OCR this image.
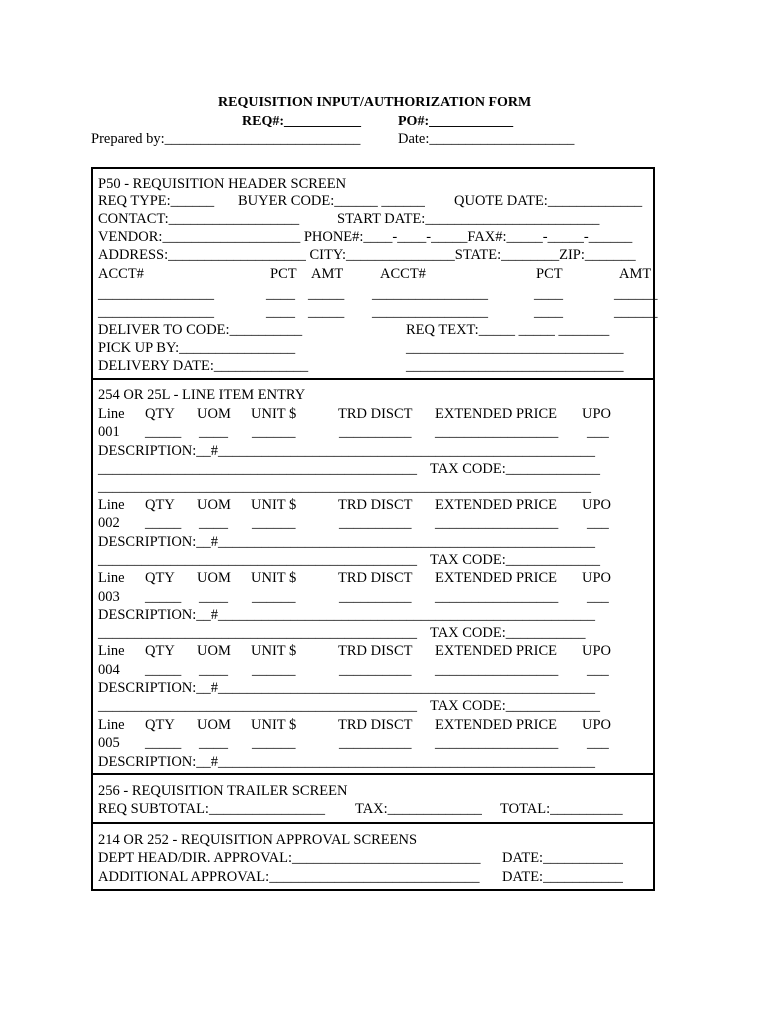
REQUISITION INPUT/AUTHORIZATION FORM
REQ#:___________	PO#:____________
Prepared by:___________________________	Date:____________________
P50 - REQUISITION HEADER SCREEN
REQ TYPE:______ BUYER CODE:______ ______ QUOTE DATE:_____________
CONTACT:__________________	START DATE:________________________
VENDOR:___________________ PHONE#:____-____-_____FAX#:_____-_____-______
ADDRESS:___________________ CITY:_______________STATE:________ZIP:_______
ACCT#	PCT AMT	ACCT#	PCT	AMT
________________	____ _____ ________________	____	______
________________	____ _____ ________________	____	______
DELIVER TO CODE:__________	REQ TEXT:_____ _____ _______
PICK UP BY:________________	______________________________
DELIVERY DATE:_____________	______________________________
254 OR 25L - LINE ITEM ENTRY
Line QTY UOM UNIT $	TRD DISCT EXTENDED PRICE UPO
001 _____ ____ ______	__________ _________________ ___
DESCRIPTION:__#____________________________________________________
____________________________________________ TAX CODE:_____________
____________________________________________________________________
Line QTY UOM UNIT $	TRD DISCT EXTENDED PRICE UPO
002 _____ ____ ______	__________ _________________ ___
DESCRIPTION:__#____________________________________________________
____________________________________________ TAX CODE:_____________
Line QTY UOM UNIT $	TRD DISCT EXTENDED PRICE UPO
003 _____ ____ ______	__________ _________________ ___
DESCRIPTION:__#____________________________________________________
____________________________________________ TAX CODE:___________
Line QTY UOM UNIT $	TRD DISCT EXTENDED PRICE UPO
004 _____ ____ ______	__________ _________________ ___
DESCRIPTION:__#____________________________________________________
____________________________________________ TAX CODE:_____________
Line QTY UOM UNIT $	TRD DISCT EXTENDED PRICE UPO
005 _____ ____ ______	__________ _________________ ___
DESCRIPTION:__#____________________________________________________
256 - REQUISITION TRAILER SCREEN
REQ SUBTOTAL:________________ TAX:_____________ TOTAL:__________
214 OR 252 - REQUISITION APPROVAL SCREENS
DEPT HEAD/DIR. APPROVAL:__________________________ DATE:___________
ADDITIONAL APPROVAL:_____________________________ DATE:___________
